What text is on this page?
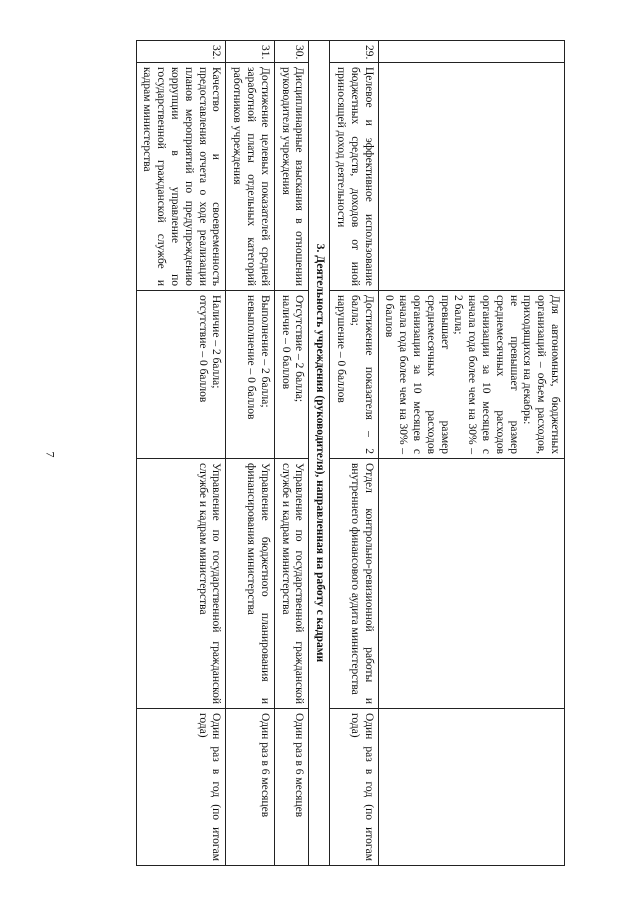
7
		Для автономных, бюджетных организаций – объем расходов, приходящихся на декабрь:
не превышает размер среднемесячных расходов организации за 10 месяцев с начала года более чем на 30% – 2 балла;
превышает размер среднемесячных расходов организации за 10 месяцев с начала года более чем на 30% – 0 баллов		
29.	Целевое и эффективное использование бюджетных средств, доходов от иной приносящей доход деятельности	Достижение показателя – 2 балла;
нарушение – 0 баллов	Отдел контрольно-ревизионной работы и внутреннего финансового аудита министерства	Один раз в год (по итогам года)
3. Деятельность учреждения (руководителя), направленная на работу с кадрами				
30.	Дисциплинарные взыскания в отношении руководителя учреждения	Отсутствие – 2 балла;
наличие – 0 баллов	Управление по государственной гражданской службе и кадрам министерства	Один раз в 6 месяцев
31.	Достижение целевых показателей средней заработной платы отдельных категорий работников учреждения	Выполнение – 2 балла;
невыполнение – 0 баллов	Управление бюджетного планирования и финансирования министерства	Один раз в 6 месяцев
32.	Качество и своевременность предоставления отчета о ходе реализации планов мероприятий по предупреждению коррупции в управление по государственной гражданской службе и кадрам министерства	Наличие – 2 балла;
отсутствие – 0 баллов	Управление по государственной гражданской службе и кадрам министерства	Один раз в год (по итогам года)
